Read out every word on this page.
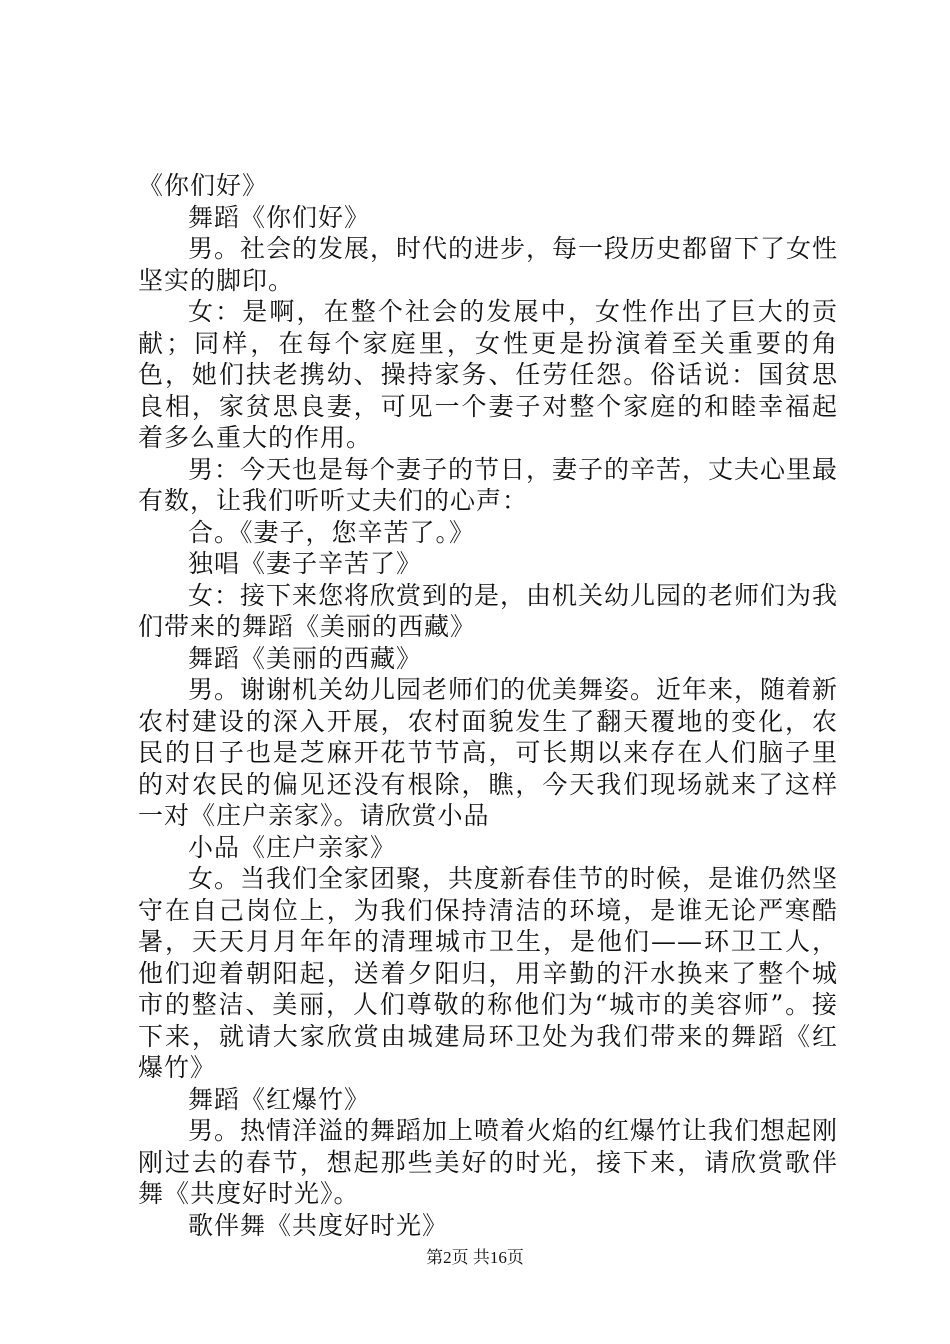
《你们好》

舞蹈《你们好》

男。社会的发展，时代的进步，每一段历史都留下了女性坚实的脚印。

女：是啊，在整个社会的发展中，女性作出了巨大的贡献；同样，在每个家庭里，女性更是扮演着至关重要的角色，她们扶老携幼、操持家务、任劳任怨。俗话说：国贫思良相，家贫思良妻，可见一个妻子对整个家庭的和睦幸福起着多么重大的作用。

男：今天也是每个妻子的节日，妻子的辛苦，丈夫心里最有数，让我们听听丈夫们的心声：

合。《妻子，您辛苦了。》

独唱《妻子辛苦了》

女：接下来您将欣赏到的是，由机关幼儿园的老师们为我们带来的舞蹈《美丽的西藏》

舞蹈《美丽的西藏》

男。谢谢机关幼儿园老师们的优美舞姿。近年来，随着新农村建设的深入开展，农村面貌发生了翻天覆地的变化，农民的日子也是芝麻开花节节高，可长期以来存在人们脑子里的对农民的偏见还没有根除，瞧，今天我们现场就来了这样一对《庄户亲家》。请欣赏小品

小品《庄户亲家》

女。当我们全家团聚，共度新春佳节的时候，是谁仍然坚守在自己岗位上，为我们保持清洁的环境，是谁无论严寒酷暑，天天月月年年的清理城市卫生，是他们——环卫工人，他们迎着朝阳起，送着夕阳归，用辛勤的汗水换来了整个城市的整洁、美丽，人们尊敬的称他们为“城市的美容师”。接下来，就请大家欣赏由城建局环卫处为我们带来的舞蹈《红爆竹》

舞蹈《红爆竹》

男。热情洋溢的舞蹈加上喷着火焰的红爆竹让我们想起刚刚过去的春节，想起那些美好的时光，接下来，请欣赏歌伴舞《共度好时光》。

歌伴舞《共度好时光》

第2页 共16页
